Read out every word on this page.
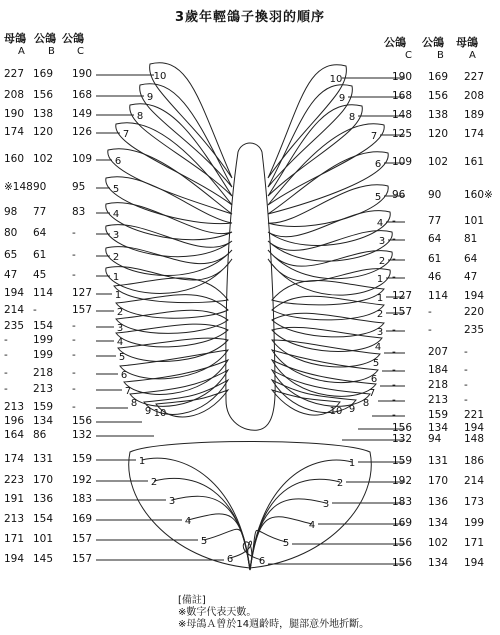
3歲年輕鴿子換羽的順序
母鴿 公鴿 公鴿
A B C
公鴿 公鴿 母鴿
C	B	A
10
9
8
7
6
5
4
3
2
1
1
2
3
4
5
6
7
8
9 10
10
9
8
7
6
5
4
3
2
1
1
2
3
4
5
6
7
8
9
10
1
2
3
4
5
6
1
2
3
4
5
6
227 169 190
208 156 168
190 138 149
174 120 126
160 102 109
※148 90 95
98 77 83
80 64 -
65 61 -
47 45 -
194 114 127
214 -	157
235 154 -
- 199 -
- 199 -
- 218 -
- 213 -
213 159 -
196 134 156
164 86 132
174 131 159
223 170 192
191 136 183
213 154 169
171 101 157
194 145 157
190 169 227
168 156 208
148 138 189
125 120 174
109 102 161
96 90 160※
-	77 101
-	64 81
-	61 64
-	46 47
127 114 194
157 -	220
-	-	235
-	207 -
-	184 -
-	218 -
-	213 -
-	159 221
156 134 194
132 94 148
159 131 186
192 170 214
183 136 173
169 134 199
156 102 171
156 134 194
[備註]
※數字代表天數。
※母鴿Ａ曾於14週齡時，腿部意外地折斷。
